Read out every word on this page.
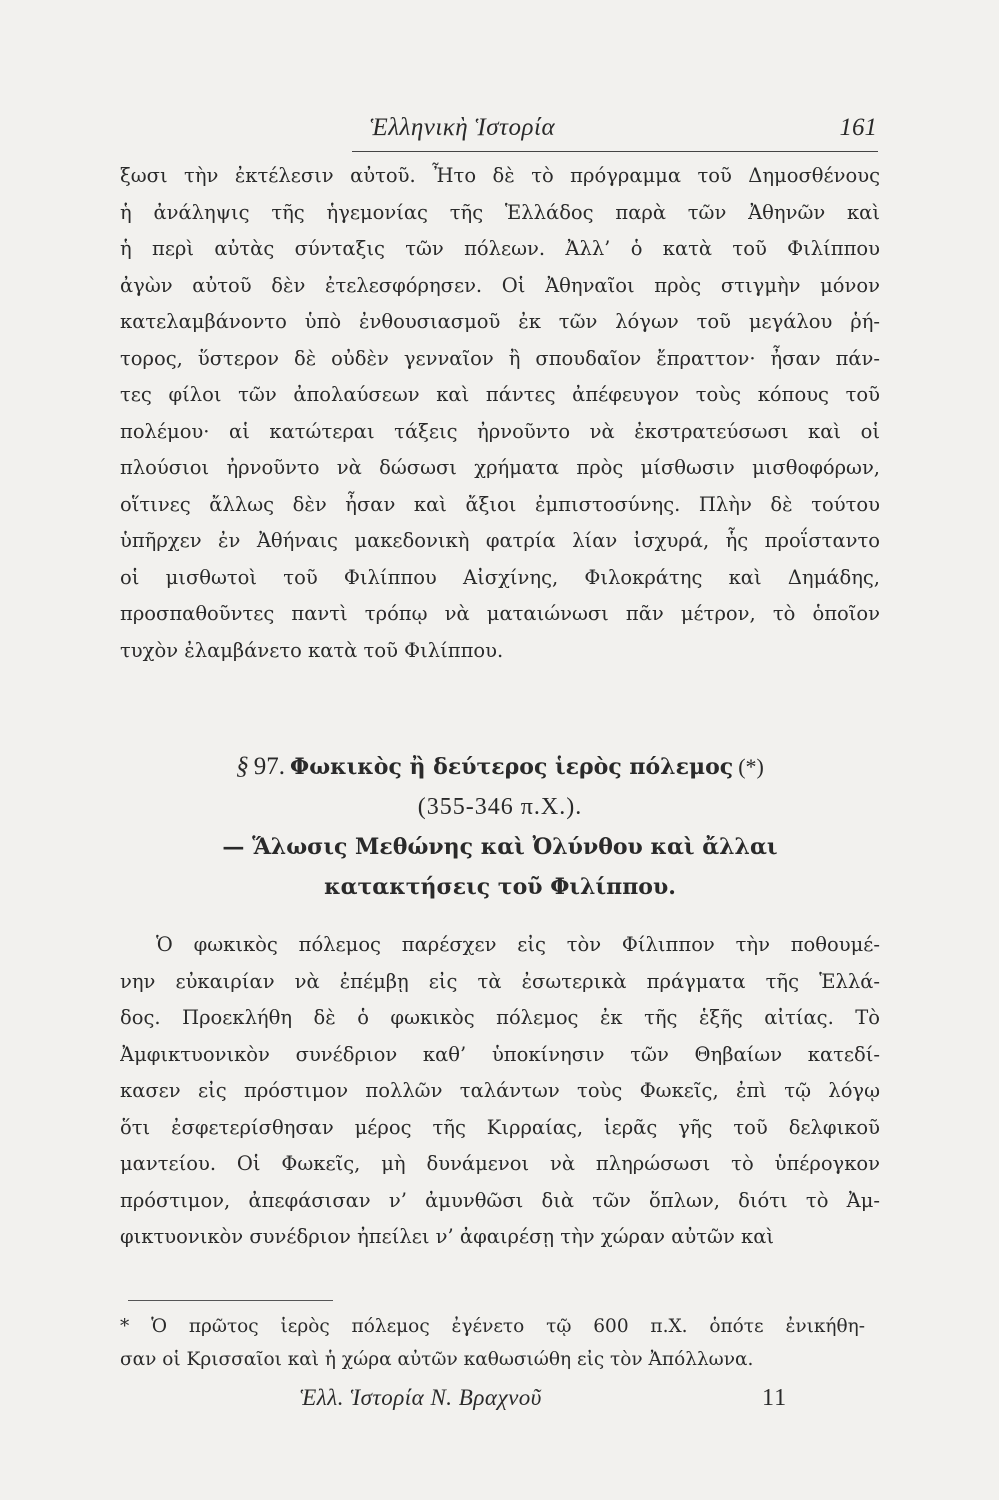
Ἑλληνικὴ Ἱστορία	161
ξωσι τὴν ἐκτέλεσιν αὐτοῦ. Ἦτο δὲ τὸ πρόγραμμα τοῦ Δημοσθένους
ἡ ἀνάληψις τῆς ἡγεμονίας τῆς Ἑλλάδος παρὰ τῶν Ἀθηνῶν καὶ
ἡ περὶ αὐτὰς σύνταξις τῶν πόλεων. Ἀλλ’ ὁ κατὰ τοῦ Φιλίππου
ἀγὼν αὐτοῦ δὲν ἐτελεσφόρησεν. Οἱ Ἀθηναῖοι πρὸς στιγμὴν μόνον
κατελαμβάνοντο ὑπὸ ἐνθουσιασμοῦ ἐκ τῶν λόγων τοῦ μεγάλου ῥή-
τορος, ὕστερον δὲ οὐδὲν γενναῖον ἢ σπουδαῖον ἔπραττον· ἦσαν πάν-
τες φίλοι τῶν ἀπολαύσεων καὶ πάντες ἀπέφευγον τοὺς κόπους τοῦ
πολέμου· αἱ κατώτεραι τάξεις ἠρνοῦντο νὰ ἐκστρατεύσωσι καὶ οἱ
πλούσιοι ἠρνοῦντο νὰ δώσωσι χρήματα πρὸς μίσθωσιν μισθοφόρων,
οἵτινες ἄλλως δὲν ἦσαν καὶ ἄξιοι ἐμπιστοσύνης. Πλὴν δὲ τούτου
ὑπῆρχεν ἐν Ἀθήναις μακεδονικὴ φατρία λίαν ἰσχυρά, ἧς προΐσταντο
οἱ μισθωτοὶ τοῦ Φιλίππου Αἰσχίνης, Φιλοκράτης καὶ Δημάδης,
προσπαθοῦντες παντὶ τρόπῳ νὰ ματαιώνωσι πᾶν μέτρον, τὸ ὁποῖον
τυχὸν ἐλαμβάνετο κατὰ τοῦ Φιλίππου.
§ 97. Φωκικὸς ἢ δεύτερος ἱερὸς πόλεμος (*)
(355-346 π.Χ.).
— Ἅλωσις Μεθώνης καὶ Ὀλύνθου καὶ ἄλλαι
κατακτήσεις τοῦ Φιλίππου.
Ὁ φωκικὸς πόλεμος παρέσχεν εἰς τὸν Φίλιππον τὴν ποθουμέ-
νην εὐκαιρίαν νὰ ἐπέμβῃ εἰς τὰ ἐσωτερικὰ πράγματα τῆς Ἑλλά-
δος. Προεκλήθη δὲ ὁ φωκικὸς πόλεμος ἐκ τῆς ἑξῆς αἰτίας. Τὸ
Ἀμφικτυονικὸν συνέδριον καθ’ ὑποκίνησιν τῶν Θηβαίων κατεδί-
κασεν εἰς πρόστιμον πολλῶν ταλάντων τοὺς Φωκεῖς, ἐπὶ τῷ λόγῳ
ὅτι ἐσφετερίσθησαν μέρος τῆς Κιρραίας, ἱερᾶς γῆς τοῦ δελφικοῦ
μαντείου. Οἱ Φωκεῖς, μὴ δυνάμενοι νὰ πληρώσωσι τὸ ὑπέρογκον
πρόστιμον, ἀπεφάσισαν ν’ ἀμυνθῶσι διὰ τῶν ὅπλων, διότι τὸ Ἀμ-
φικτυονικὸν συνέδριον ἠπείλει ν’ ἀφαιρέσῃ τὴν χώραν αὐτῶν καὶ
* Ὁ πρῶτος ἱερὸς πόλεμος ἐγένετο τῷ 600 π.Χ. ὁπότε ἐνικήθη-
σαν οἱ Κρισσαῖοι καὶ ἡ χώρα αὐτῶν καθωσιώθη εἰς τὸν Ἀπόλλωνα.
Ἑλλ. Ἱστορία Ν. Βραχνοῦ	11
